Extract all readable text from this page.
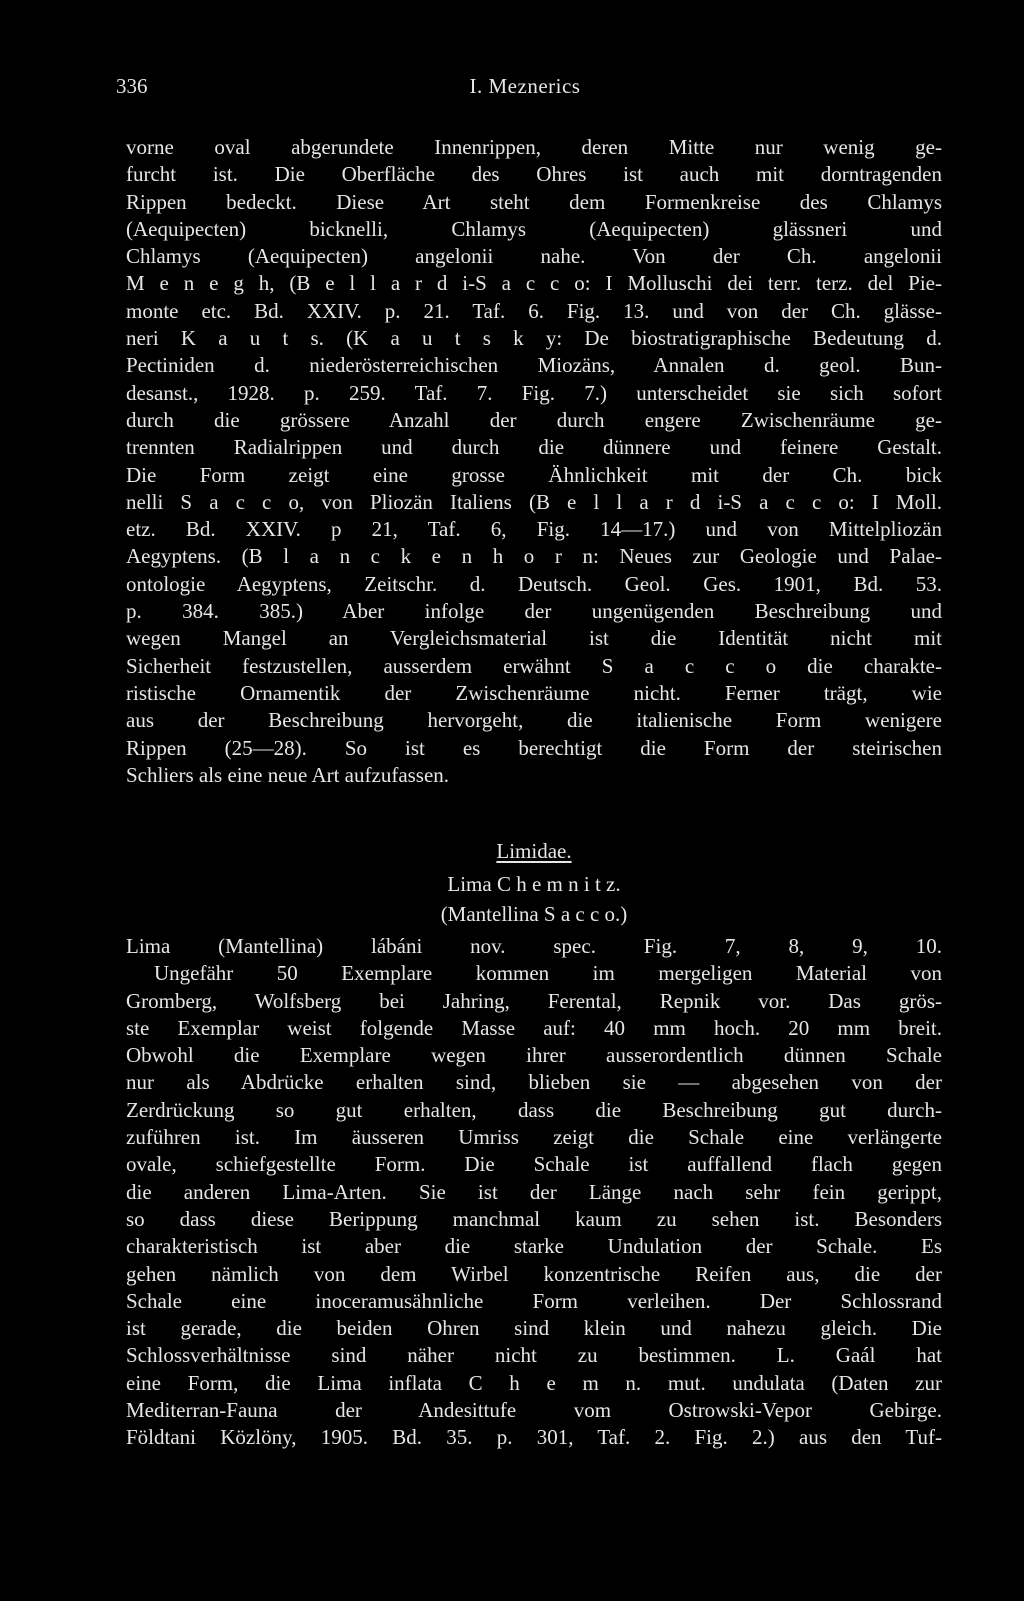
336	I. Meznerics
vorne oval abgerundete Innenrippen, deren Mitte nur wenig ge-
furcht ist. Die Oberfläche des Ohres ist auch mit dorntragenden
Rippen bedeckt. Diese Art steht dem Formenkreise des Chlamys
(Aequipecten) bicknelli, Chlamys (Aequipecten) glässneri und
Chlamys (Aequipecten) angelonii nahe. Von der Ch. angelonii
M e n e g h, (B e l l a r d i-S a c c o: I Molluschi dei terr. terz. del Pie-
monte etc. Bd. XXIV. p. 21. Taf. 6. Fig. 13. und von der Ch. glässe-
neri K a u t s. (K a u t s k y: De biostratigraphische Bedeutung d.
Pectiniden d. niederösterreichischen Miozäns, Annalen d. geol. Bun-
desanst., 1928. p. 259. Taf. 7. Fig. 7.) unterscheidet sie sich sofort
durch die grössere Anzahl der durch engere Zwischenräume ge-
trennten Radialrippen und durch die dünnere und feinere Gestalt.
Die Form zeigt eine grosse Ähnlichkeit mit der Ch. bick
nelli S a c c o, von Pliozän Italiens (B e l l a r d i-S a c c o: I Moll.
etz. Bd. XXIV. p 21, Taf. 6, Fig. 14—17.) und von Mittelpliozän
Aegyptens. (B l a n c k e n h o r n: Neues zur Geologie und Palae-
ontologie Aegyptens, Zeitschr. d. Deutsch. Geol. Ges. 1901, Bd. 53.
p. 384. 385.) Aber infolge der ungenügenden Beschreibung und
wegen Mangel an Vergleichsmaterial ist die Identität nicht mit
Sicherheit festzustellen, ausserdem erwähnt S a c c o die charakte-
ristische Ornamentik der Zwischenräume nicht. Ferner trägt, wie
aus der Beschreibung hervorgeht, die italienische Form wenigere
Rippen (25—28). So ist es berechtigt die Form der steirischen
Schliers als eine neue Art aufzufassen.
Limidae.
Lima C h e m n i t z.
(Mantellina S a c c o.)
Lima (Mantellina) lábáni nov. spec. Fig. 7, 8, 9, 10.
Ungefähr 50 Exemplare kommen im mergeligen Material von
Gromberg, Wolfsberg bei Jahring, Ferental, Repnik vor. Das grös-
ste Exemplar weist folgende Masse auf: 40 mm hoch. 20 mm breit.
Obwohl die Exemplare wegen ihrer ausserordentlich dünnen Schale
nur als Abdrücke erhalten sind, blieben sie — abgesehen von der
Zerdrückung so gut erhalten, dass die Beschreibung gut durch-
zuführen ist. Im äusseren Umriss zeigt die Schale eine verlängerte
ovale, schiefgestellte Form. Die Schale ist auffallend flach gegen
die anderen Lima-Arten. Sie ist der Länge nach sehr fein gerippt,
so dass diese Berippung manchmal kaum zu sehen ist. Besonders
charakteristisch ist aber die starke Undulation der Schale. Es
gehen nämlich von dem Wirbel konzentrische Reifen aus, die der
Schale eine inoceramusähnliche Form verleihen. Der Schlossrand
ist gerade, die beiden Ohren sind klein und nahezu gleich. Die
Schlossverhältnisse sind näher nicht zu bestimmen. L. Gaál hat
eine Form, die Lima inflata C h e m n. mut. undulata (Daten zur
Mediterran-Fauna der Andesittufe vom Ostrowski-Vepor Gebirge.
Földtani Közlöny, 1905. Bd. 35. p. 301, Taf. 2. Fig. 2.) aus den Tuf-
